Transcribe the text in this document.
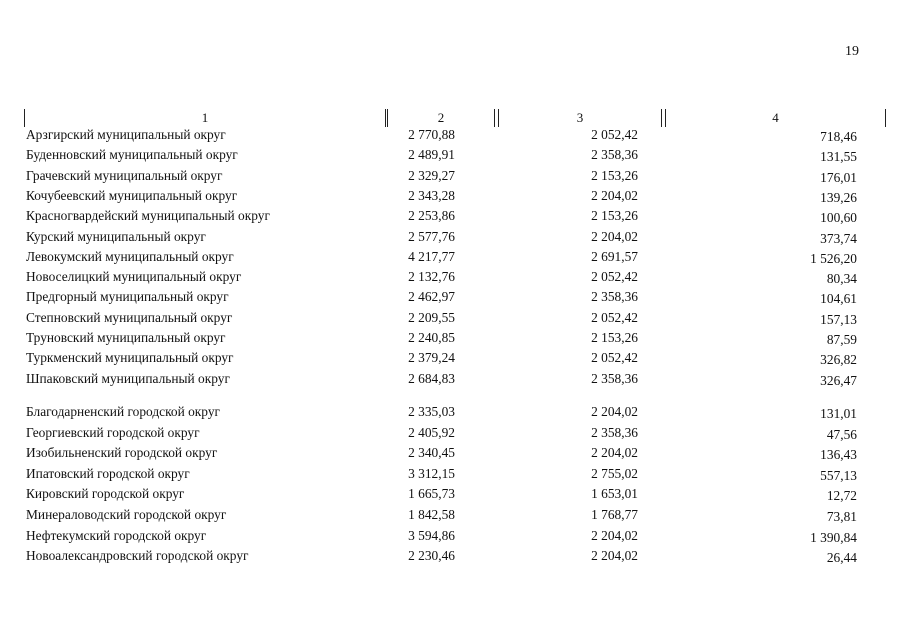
19
1	2	3	4
Арзгирский муниципальный округ	2 770,88	2 052,42	718,46
Буденновский муниципальный округ	2 489,91	2 358,36	131,55
Грачевский муниципальный округ	2 329,27	2 153,26	176,01
Кочубеевский муниципальный округ	2 343,28	2 204,02	139,26
Красногвардейский муниципальный округ	2 253,86	2 153,26	100,60
Курский муниципальный округ	2 577,76	2 204,02	373,74
Левокумский муниципальный округ	4 217,77	2 691,57	1 526,20
Новоселицкий муниципальный округ	2 132,76	2 052,42	80,34
Предгорный муниципальный округ	2 462,97	2 358,36	104,61
Степновский муниципальный округ	2 209,55	2 052,42	157,13
Труновский муниципальный округ	2 240,85	2 153,26	87,59
Туркменский муниципальный округ	2 379,24	2 052,42	326,82
Шпаковский муниципальный округ	2 684,83	2 358,36	326,47
Благодарненский городской округ	2 335,03	2 204,02	131,01
Георгиевский городской округ	2 405,92	2 358,36	47,56
Изобильненский городской округ	2 340,45	2 204,02	136,43
Ипатовский городской округ	3 312,15	2 755,02	557,13
Кировский городской округ	1 665,73	1 653,01	12,72
Минераловодский городской округ	1 842,58	1 768,77	73,81
Нефтекумский городской округ	3 594,86	2 204,02	1 390,84
Новоалександровский городской округ	2 230,46	2 204,02	26,44
